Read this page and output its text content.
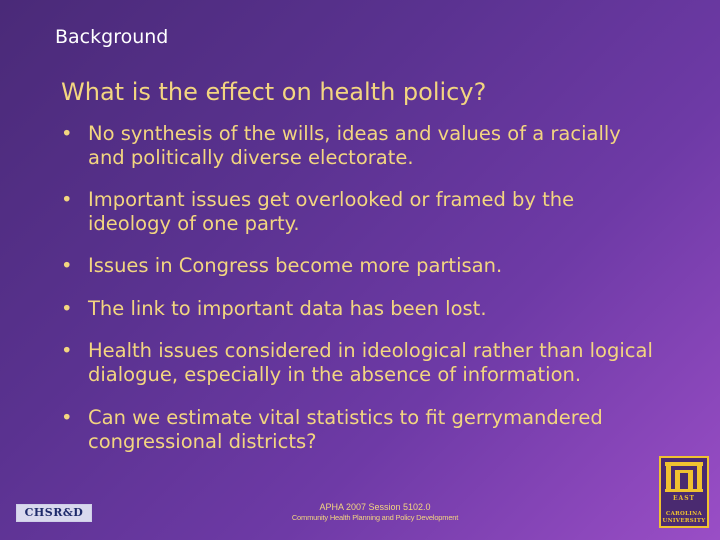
Background
What is the effect on health policy?
• No synthesis of the wills, ideas and values of a racially and politically diverse electorate.
• Important issues get overlooked or framed by the ideology of one party.
• Issues in Congress become more partisan.
• The link to important data has been lost.
• Health issues considered in ideological rather than logical dialogue, especially in the absence of information.
• Can we estimate vital statistics to fit gerrymandered congressional districts?
CHSR&D	APHA 2007 Session 5102.0
Community Health Planning and Policy Development
EAST
CAROLINA
UNIVERSITY
